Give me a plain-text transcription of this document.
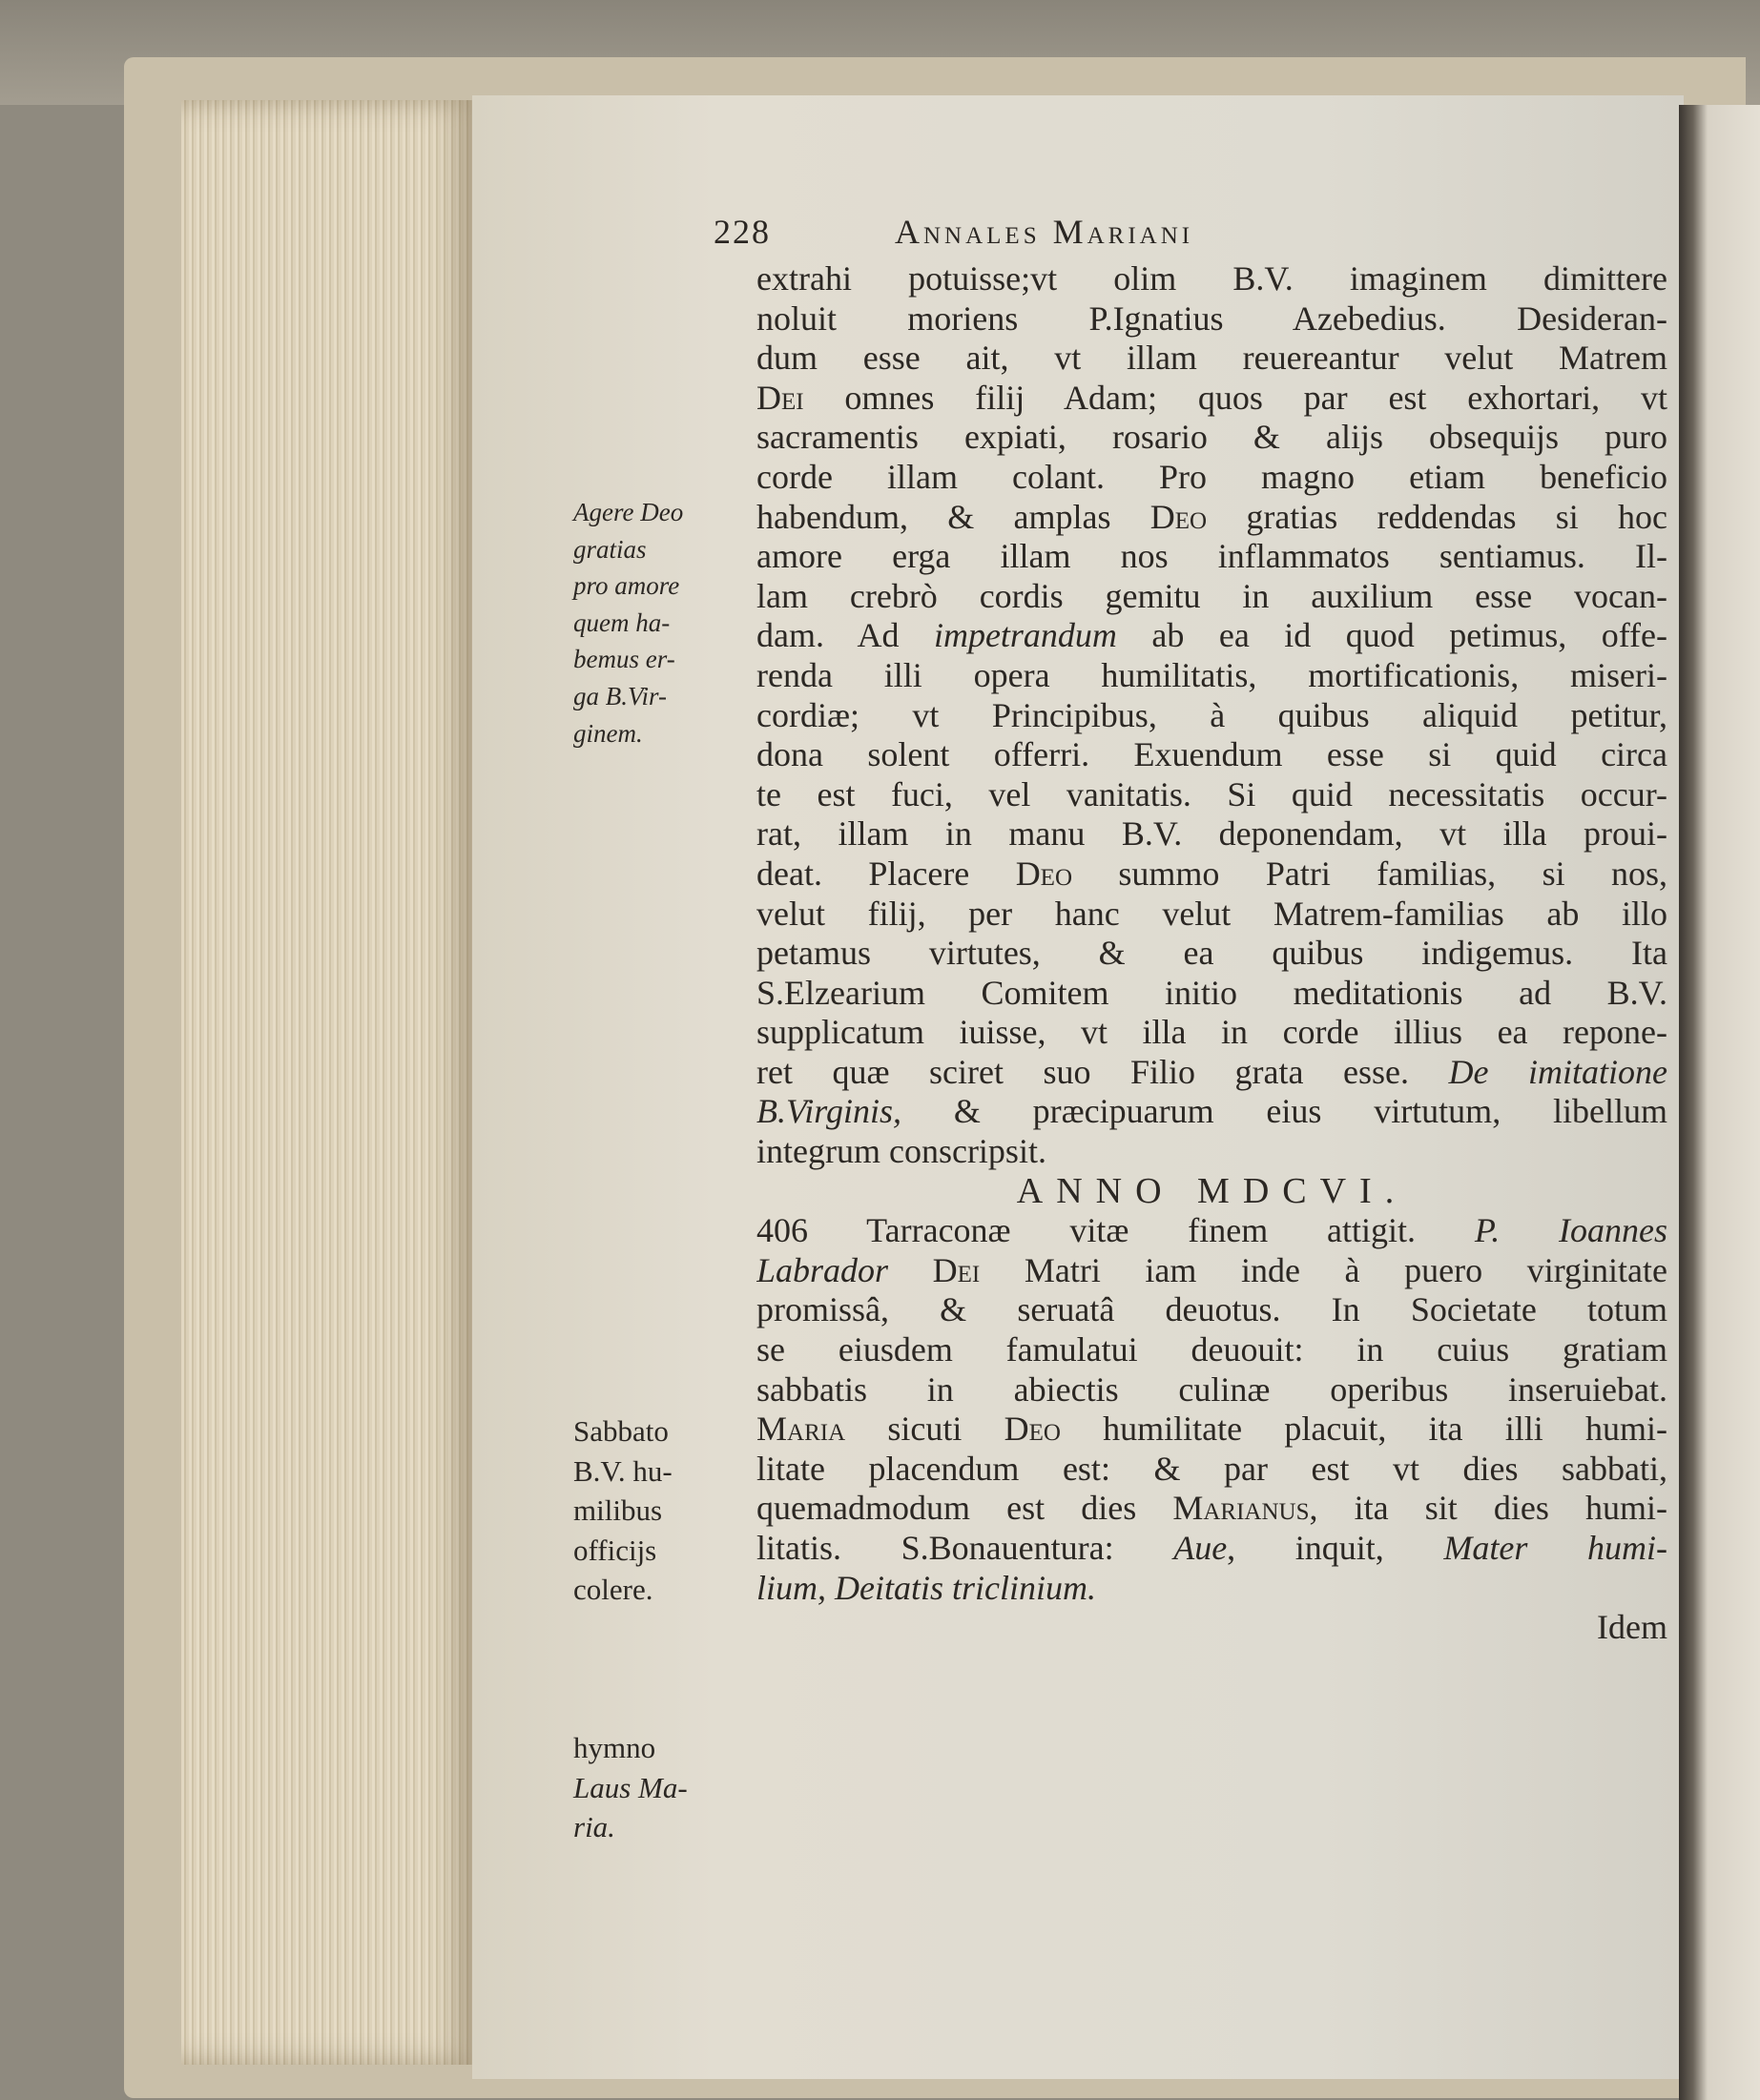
228	Annales Mariani
extrahi potuisse;vt olim B.V. imaginem dimittere
noluit moriens P.Ignatius Azebedius. Desideran-
dum esse ait, vt illam reuereantur velut Matrem
Dei omnes filij Adam; quos par est exhortari, vt
sacramentis expiati, rosario & alijs obsequijs puro
corde illam colant. Pro magno etiam beneficio
habendum, & amplas Deo gratias reddendas si hoc
amore erga illam nos inflammatos sentiamus. Il-
lam crebrò cordis gemitu in auxilium esse vocan-
dam. Ad impetrandum ab ea id quod petimus, offe-
renda illi opera humilitatis, mortificationis, miseri-
cordiæ; vt Principibus, à quibus aliquid petitur,
dona solent offerri. Exuendum esse si quid circa
te est fuci, vel vanitatis. Si quid necessitatis occur-
rat, illam in manu B.V. deponendam, vt illa proui-
deat. Placere Deo summo Patri familias, si nos,
velut filij, per hanc velut Matrem-familias ab illo
petamus virtutes, & ea quibus indigemus. Ita
S.Elzearium Comitem initio meditationis ad B.V.
supplicatum iuisse, vt illa in corde illius ea repone-
ret quæ sciret suo Filio grata esse. De imitatione
B.Virginis, & præcipuarum eius virtutum, libellum
integrum conscripsit.
ANNO MDCVI.
406 Tarraconæ vitæ finem attigit. P. Ioannes
Labrador Dei Matri iam inde à puero virginitate
promissâ, & seruatâ deuotus. In Societate totum
se eiusdem famulatui deuouit: in cuius gratiam
sabbatis in abiectis culinæ operibus inseruiebat.
Maria sicuti Deo humilitate placuit, ita illi humi-
litate placendum est: & par est vt dies sabbati,
quemadmodum est dies Marianus, ita sit dies humi-
litatis. S.Bonauentura: Aue, inquit, Mater humi-
lium, Deitatis triclinium.
Idem
Agere Deo
gratias
pro amore
quem ha-
bemus er-
ga B.Vir-
ginem.
Sabbato
B.V. hu-
milibus
officijs
colere.
hymno
Laus Ma-
ria.
